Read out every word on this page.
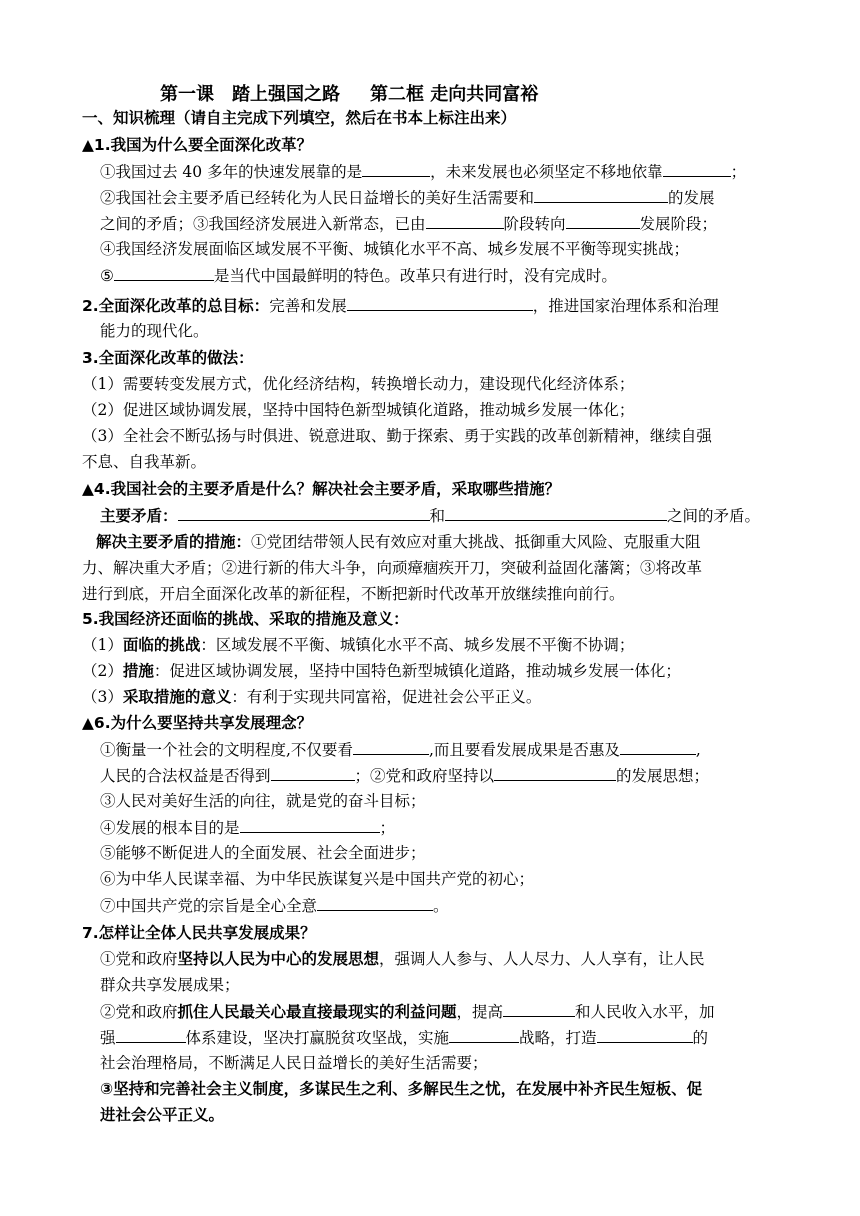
第一课　踏上强国之路 第二框 走向共同富裕
一、知识梳理（请自主完成下列填空，然后在书本上标注出来）
▲1.我国为什么要全面深化改革？
①我国过去 40 多年的快速发展靠的是	，未来发展也必须坚定不移地依靠	；
②我国社会主要矛盾已经转化为人民日益增长的美好生活需要和	的发展
之间的矛盾；③我国经济发展进入新常态，已由	阶段转向	发展阶段；
④我国经济发展面临区域发展不平衡、城镇化水平不高、城乡发展不平衡等现实挑战；
⑤	是当代中国最鲜明的特色。改革只有进行时，没有完成时。
2.全面深化改革的总目标：完善和发展	，推进国家治理体系和治理
能力的现代化。
3.全面深化改革的做法：
（1）需要转变发展方式，优化经济结构，转换增长动力，建设现代化经济体系；
（2）促进区域协调发展，坚持中国特色新型城镇化道路，推动城乡发展一体化；
（3）全社会不断弘扬与时俱进、锐意进取、勤于探索、勇于实践的改革创新精神，继续自强
不息、自我革新。
▲4.我国社会的主要矛盾是什么？解决社会主要矛盾，采取哪些措施？
主要矛盾：	和	之间的矛盾。
解决主要矛盾的措施：①党团结带领人民有效应对重大挑战、抵御重大风险、克服重大阻
力、解决重大矛盾；②进行新的伟大斗争，向顽瘴痼疾开刀，突破利益固化藩篱；③将改革
进行到底，开启全面深化改革的新征程，不断把新时代改革开放继续推向前行。
5.我国经济还面临的挑战、采取的措施及意义：
（1）面临的挑战：区域发展不平衡、城镇化水平不高、城乡发展不平衡不协调；
（2）措施：促进区域协调发展，坚持中国特色新型城镇化道路，推动城乡发展一体化；
（3）采取措施的意义：有利于实现共同富裕，促进社会公平正义。
▲6.为什么要坚持共享发展理念？
①衡量一个社会的文明程度,不仅要看	,而且要看发展成果是否惠及	,
人民的合法权益是否得到	；②党和政府坚持以	的发展思想；
③人民对美好生活的向往，就是党的奋斗目标；
④发展的根本目的是	；
⑤能够不断促进人的全面发展、社会全面进步；
⑥为中华人民谋幸福、为中华民族谋复兴是中国共产党的初心；
⑦中国共产党的宗旨是全心全意	。
7.怎样让全体人民共享发展成果？
①党和政府坚持以人民为中心的发展思想，强调人人参与、人人尽力、人人享有，让人民
群众共享发展成果；
②党和政府抓住人民最关心最直接最现实的利益问题，提高	和人民收入水平，加
强	体系建设，坚决打赢脱贫攻坚战，实施	战略，打造	的
社会治理格局，不断满足人民日益增长的美好生活需要；
③坚持和完善社会主义制度，多谋民生之利、多解民生之忧，在发展中补齐民生短板、促
进社会公平正义。
